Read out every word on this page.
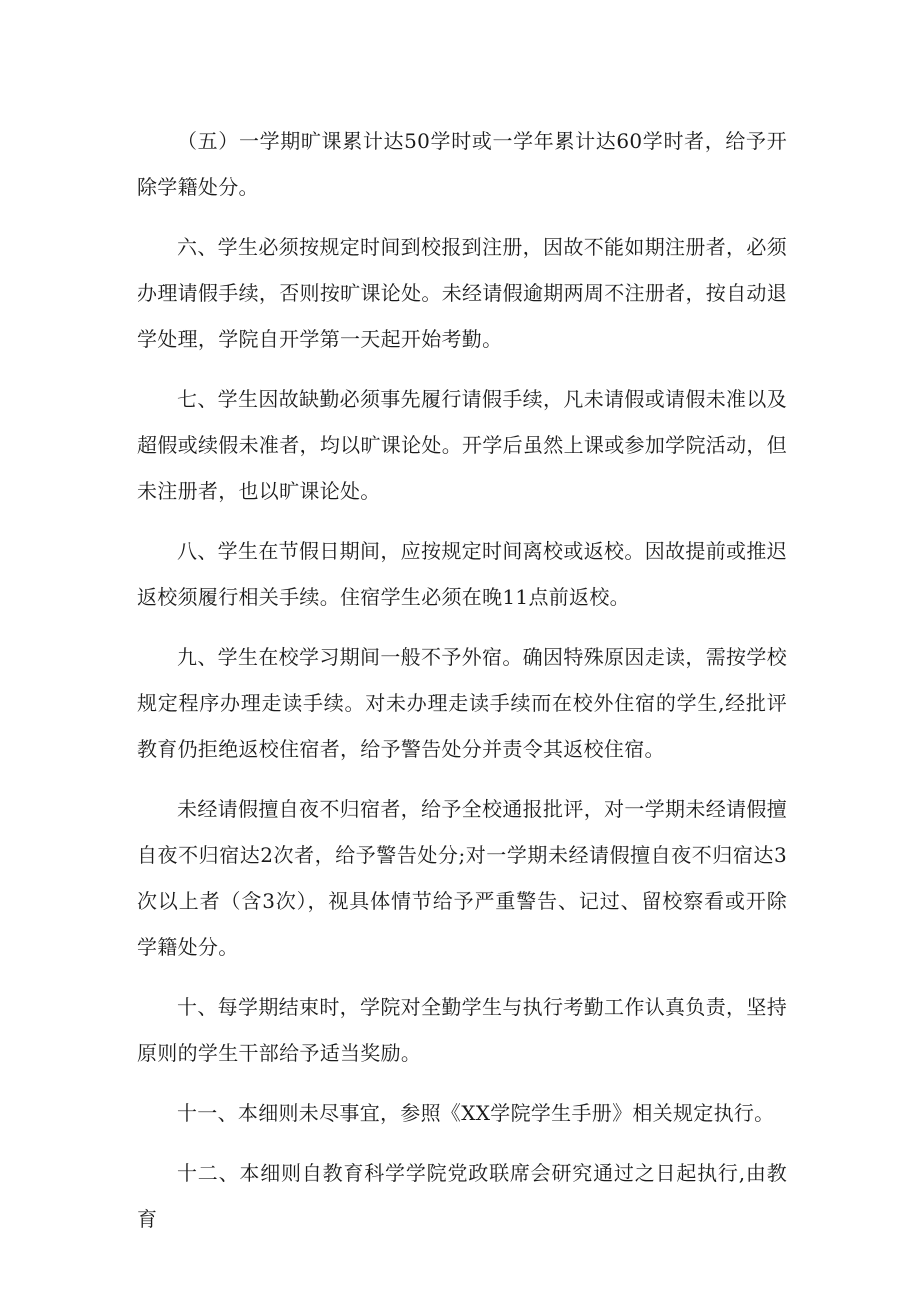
（五）一学期旷课累计达50学时或一学年累计达60学时者，给予开除学籍处分。

六、学生必须按规定时间到校报到注册，因故不能如期注册者，必须办理请假手续，否则按旷课论处。未经请假逾期两周不注册者，按自动退学处理，学院自开学第一天起开始考勤。

七、学生因故缺勤必须事先履行请假手续，凡未请假或请假未准以及超假或续假未准者，均以旷课论处。开学后虽然上课或参加学院活动，但未注册者，也以旷课论处。

八、学生在节假日期间，应按规定时间离校或返校。因故提前或推迟返校须履行相关手续。住宿学生必须在晚11点前返校。

九、学生在校学习期间一般不予外宿。确因特殊原因走读，需按学校规定程序办理走读手续。对未办理走读手续而在校外住宿的学生,经批评教育仍拒绝返校住宿者，给予警告处分并责令其返校住宿。

未经请假擅自夜不归宿者，给予全校通报批评，对一学期未经请假擅自夜不归宿达2次者，给予警告处分;对一学期未经请假擅自夜不归宿达3次以上者（含3次），视具体情节给予严重警告、记过、留校察看或开除学籍处分。

十、每学期结束时，学院对全勤学生与执行考勤工作认真负责，坚持原则的学生干部给予适当奖励。

十一、本细则未尽事宜，参照《XX学院学生手册》相关规定执行。

十二、本细则自教育科学学院党政联席会研究通过之日起执行,由教育
